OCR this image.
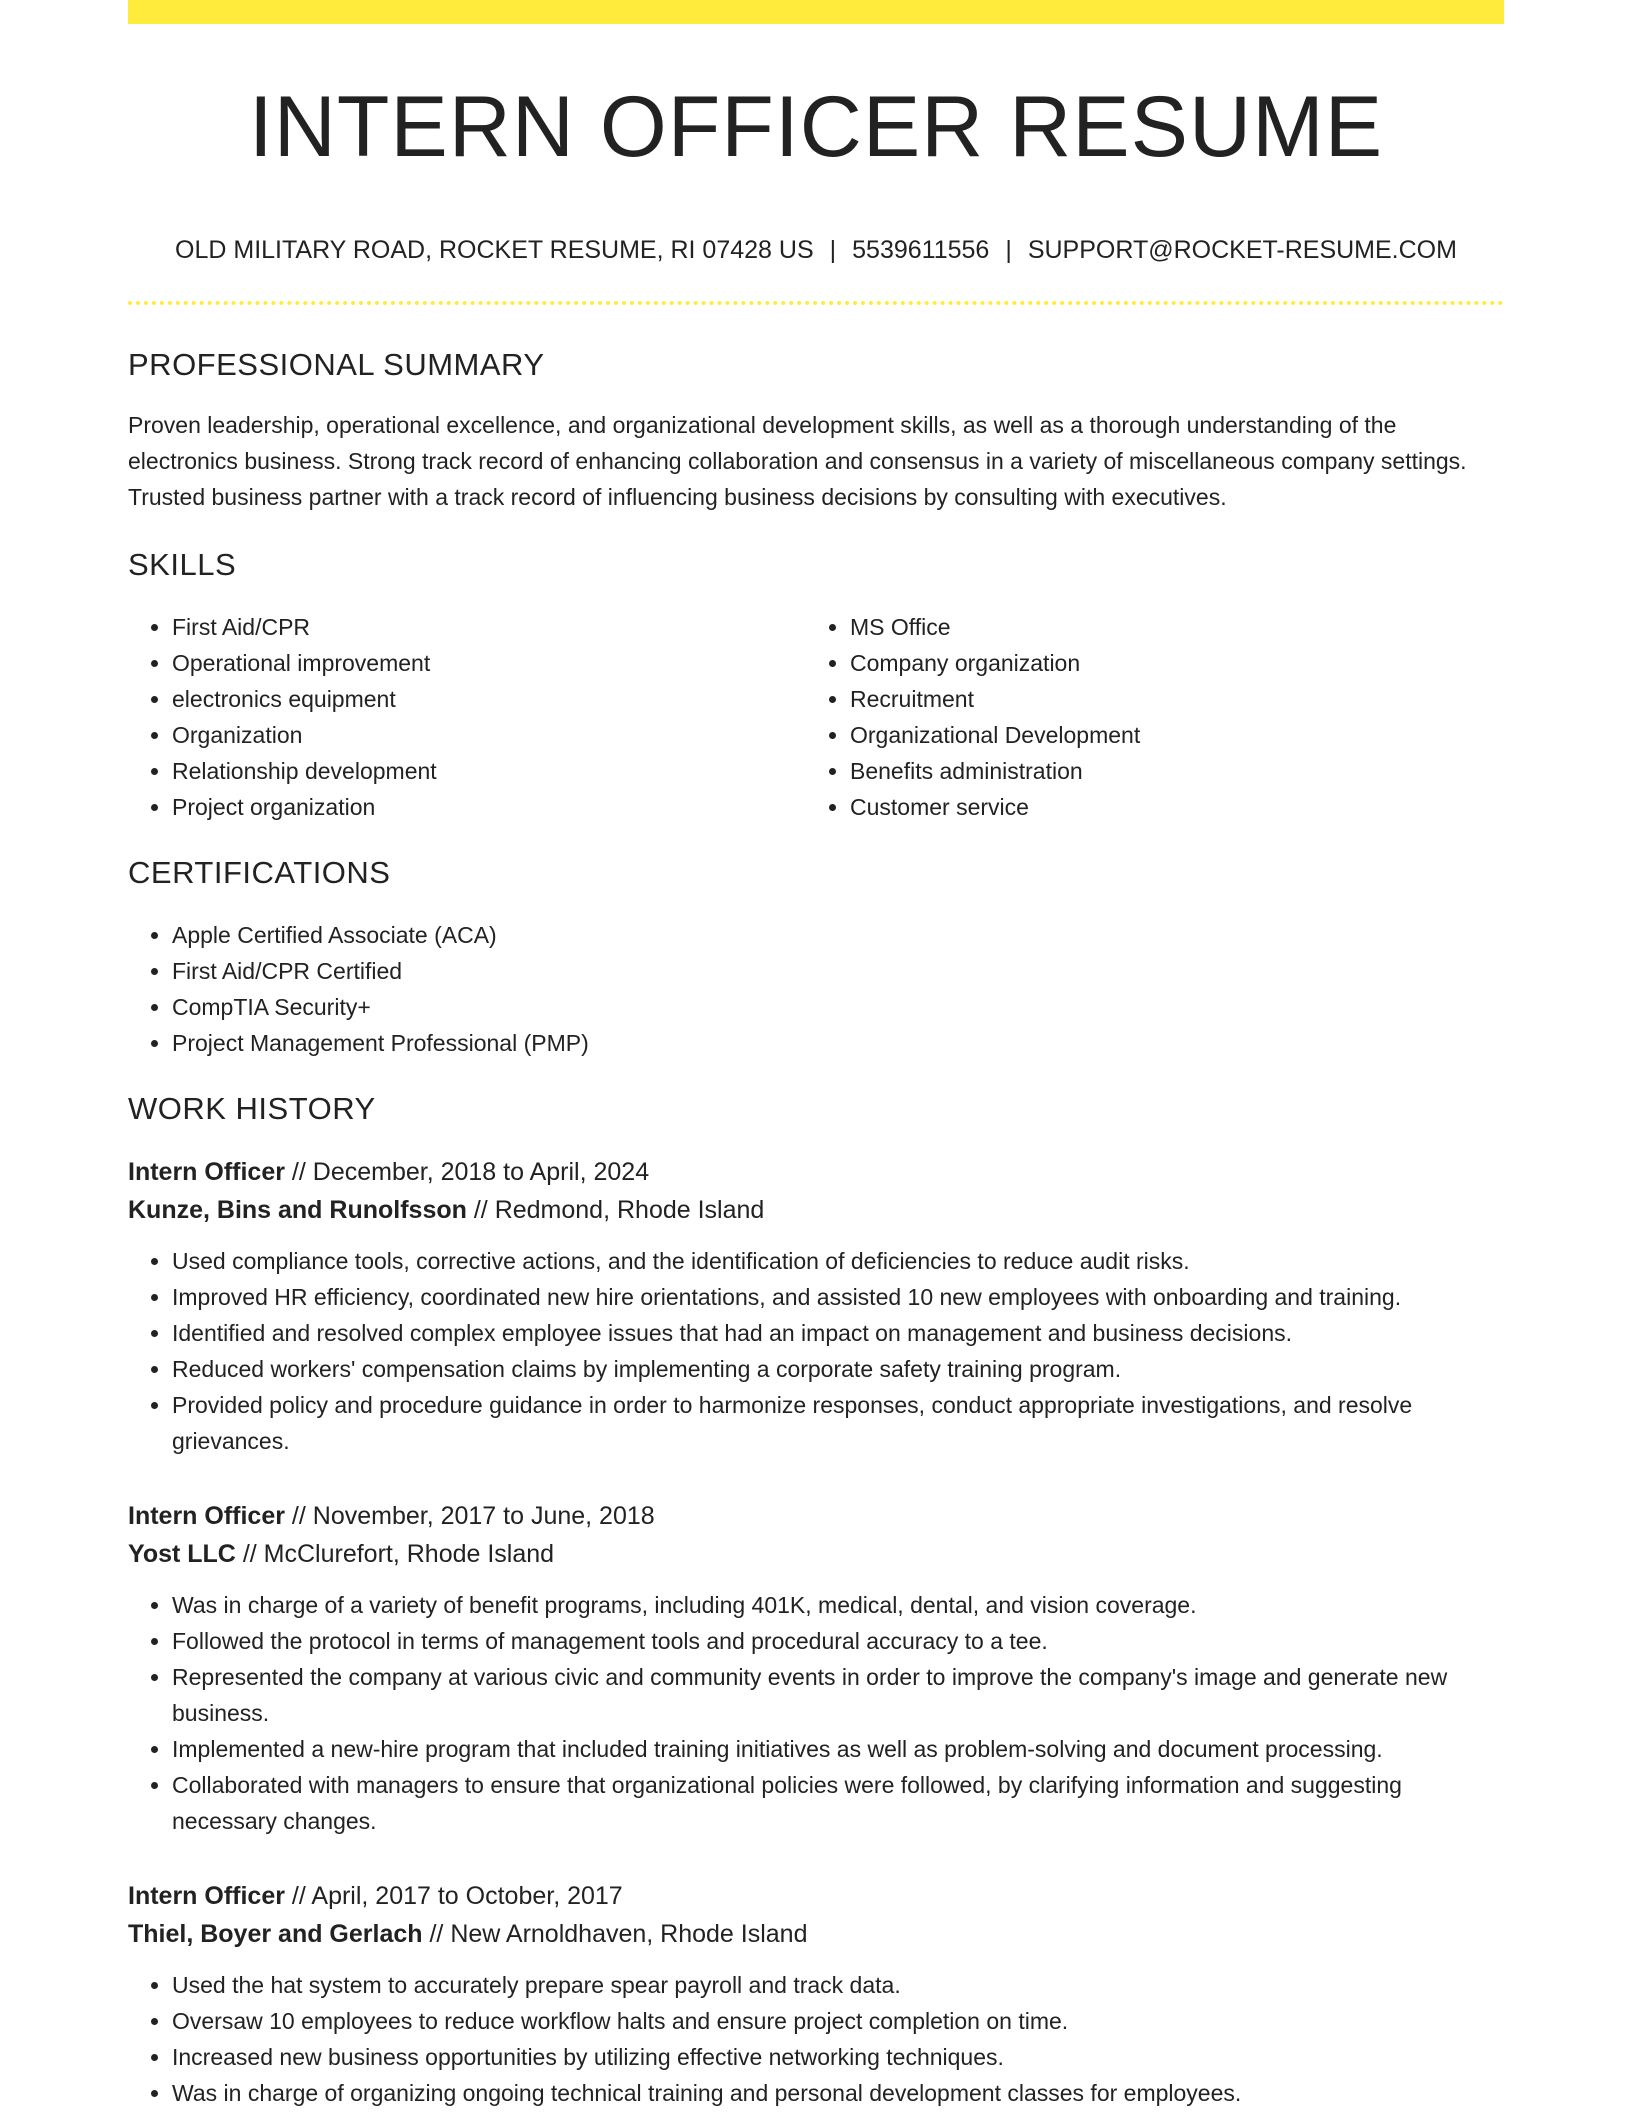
INTERN OFFICER RESUME
OLD MILITARY ROAD, ROCKET RESUME, RI 07428 US | 5539611556 | SUPPORT@ROCKET-RESUME.COM
PROFESSIONAL SUMMARY
Proven leadership, operational excellence, and organizational development skills, as well as a thorough understanding of the electronics business. Strong track record of enhancing collaboration and consensus in a variety of miscellaneous company settings. Trusted business partner with a track record of influencing business decisions by consulting with executives.
SKILLS
• First Aid/CPR
• Operational improvement
• electronics equipment
• Organization
• Relationship development
• Project organization
• MS Office
• Company organization
• Recruitment
• Organizational Development
• Benefits administration
• Customer service
CERTIFICATIONS
• Apple Certified Associate (ACA)
• First Aid/CPR Certified
• CompTIA Security+
• Project Management Professional (PMP)
WORK HISTORY
Intern Officer // December, 2018 to April, 2024
Kunze, Bins and Runolfsson // Redmond, Rhode Island
• Used compliance tools, corrective actions, and the identification of deficiencies to reduce audit risks.
• Improved HR efficiency, coordinated new hire orientations, and assisted 10 new employees with onboarding and training.
• Identified and resolved complex employee issues that had an impact on management and business decisions.
• Reduced workers' compensation claims by implementing a corporate safety training program.
• Provided policy and procedure guidance in order to harmonize responses, conduct appropriate investigations, and resolve grievances.
Intern Officer // November, 2017 to June, 2018
Yost LLC // McClurefort, Rhode Island
• Was in charge of a variety of benefit programs, including 401K, medical, dental, and vision coverage.
• Followed the protocol in terms of management tools and procedural accuracy to a tee.
• Represented the company at various civic and community events in order to improve the company's image and generate new business.
• Implemented a new-hire program that included training initiatives as well as problem-solving and document processing.
• Collaborated with managers to ensure that organizational policies were followed, by clarifying information and suggesting necessary changes.
Intern Officer // April, 2017 to October, 2017
Thiel, Boyer and Gerlach // New Arnoldhaven, Rhode Island
• Used the hat system to accurately prepare spear payroll and track data.
• Oversaw 10 employees to reduce workflow halts and ensure project completion on time.
• Increased new business opportunities by utilizing effective networking techniques.
• Was in charge of organizing ongoing technical training and personal development classes for employees.
